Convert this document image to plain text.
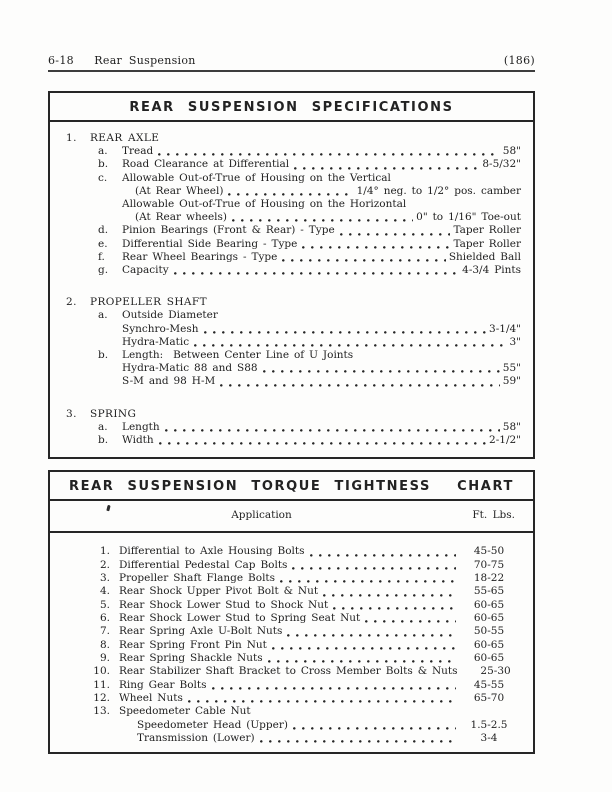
6-18   Rear Suspension	(186)
REAR SUSPENSION SPECIFICATIONS
1. REAR AXLE
a.	Tread	58"
b.	Road Clearance at Differential	8-5/32"
c.	Allowable Out-of-True of Housing on the Vertical
(At Rear Wheel)	1/4° neg. to 1/2° pos. camber
Allowable Out-of-True of Housing on the Horizontal
(At Rear wheels)	0" to 1/16" Toe-out
d.	Pinion Bearings (Front & Rear) - Type	Taper Roller
e.	Differential Side Bearing - Type	Taper Roller
f.	Rear Wheel Bearings - Type	Shielded Ball
g.	Capacity	4-3/4 Pints
2. PROPELLER SHAFT
a.	Outside Diameter
Synchro-Mesh	3-1/4"
Hydra-Matic	3"
b.	Length:  Between Center Line of U Joints
Hydra-Matic 88 and S88	55"
S-M and 98 H-M	59"
3. SPRING
a.	Length	58"
b.	Width	2-1/2"
REAR SUSPENSION TORQUE TIGHTNESS  CHART
Application	Ft. Lbs.
1. Differential to Axle Housing Bolts	45-50
2. Differential Pedestal Cap Bolts	70-75
3. Propeller Shaft Flange Bolts	18-22
4. Rear Shock Upper Pivot Bolt & Nut	55-65
5. Rear Shock Lower Stud to Shock Nut	60-65
6. Rear Shock Lower Stud to Spring Seat Nut	60-65
7. Rear Spring Axle U-Bolt Nuts	50-55
8. Rear Spring Front Pin Nut	60-65
9. Rear Spring Shackle Nuts	60-65
10. Rear Stabilizer Shaft Bracket to Cross Member Bolts & Nuts	25-30
11. Ring Gear Bolts	45-55
12. Wheel Nuts	65-70
13. Speedometer Cable Nut
Speedometer Head (Upper)	1.5-2.5
Transmission (Lower)	3-4
